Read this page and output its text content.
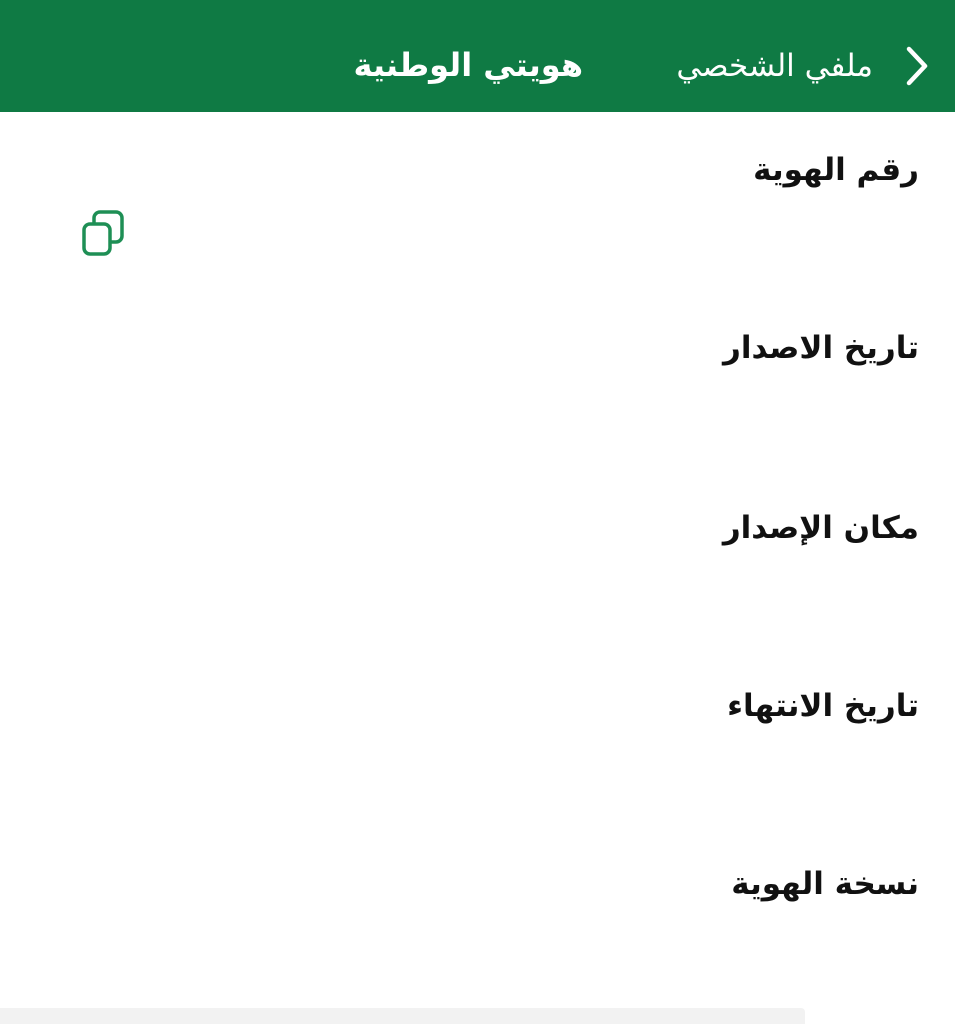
ملفي الشخصي
هويتي الوطنية
رقم الهوية
تاريخ الاصدار
مكان الإصدار
تاريخ الانتهاء
نسخة الهوية
